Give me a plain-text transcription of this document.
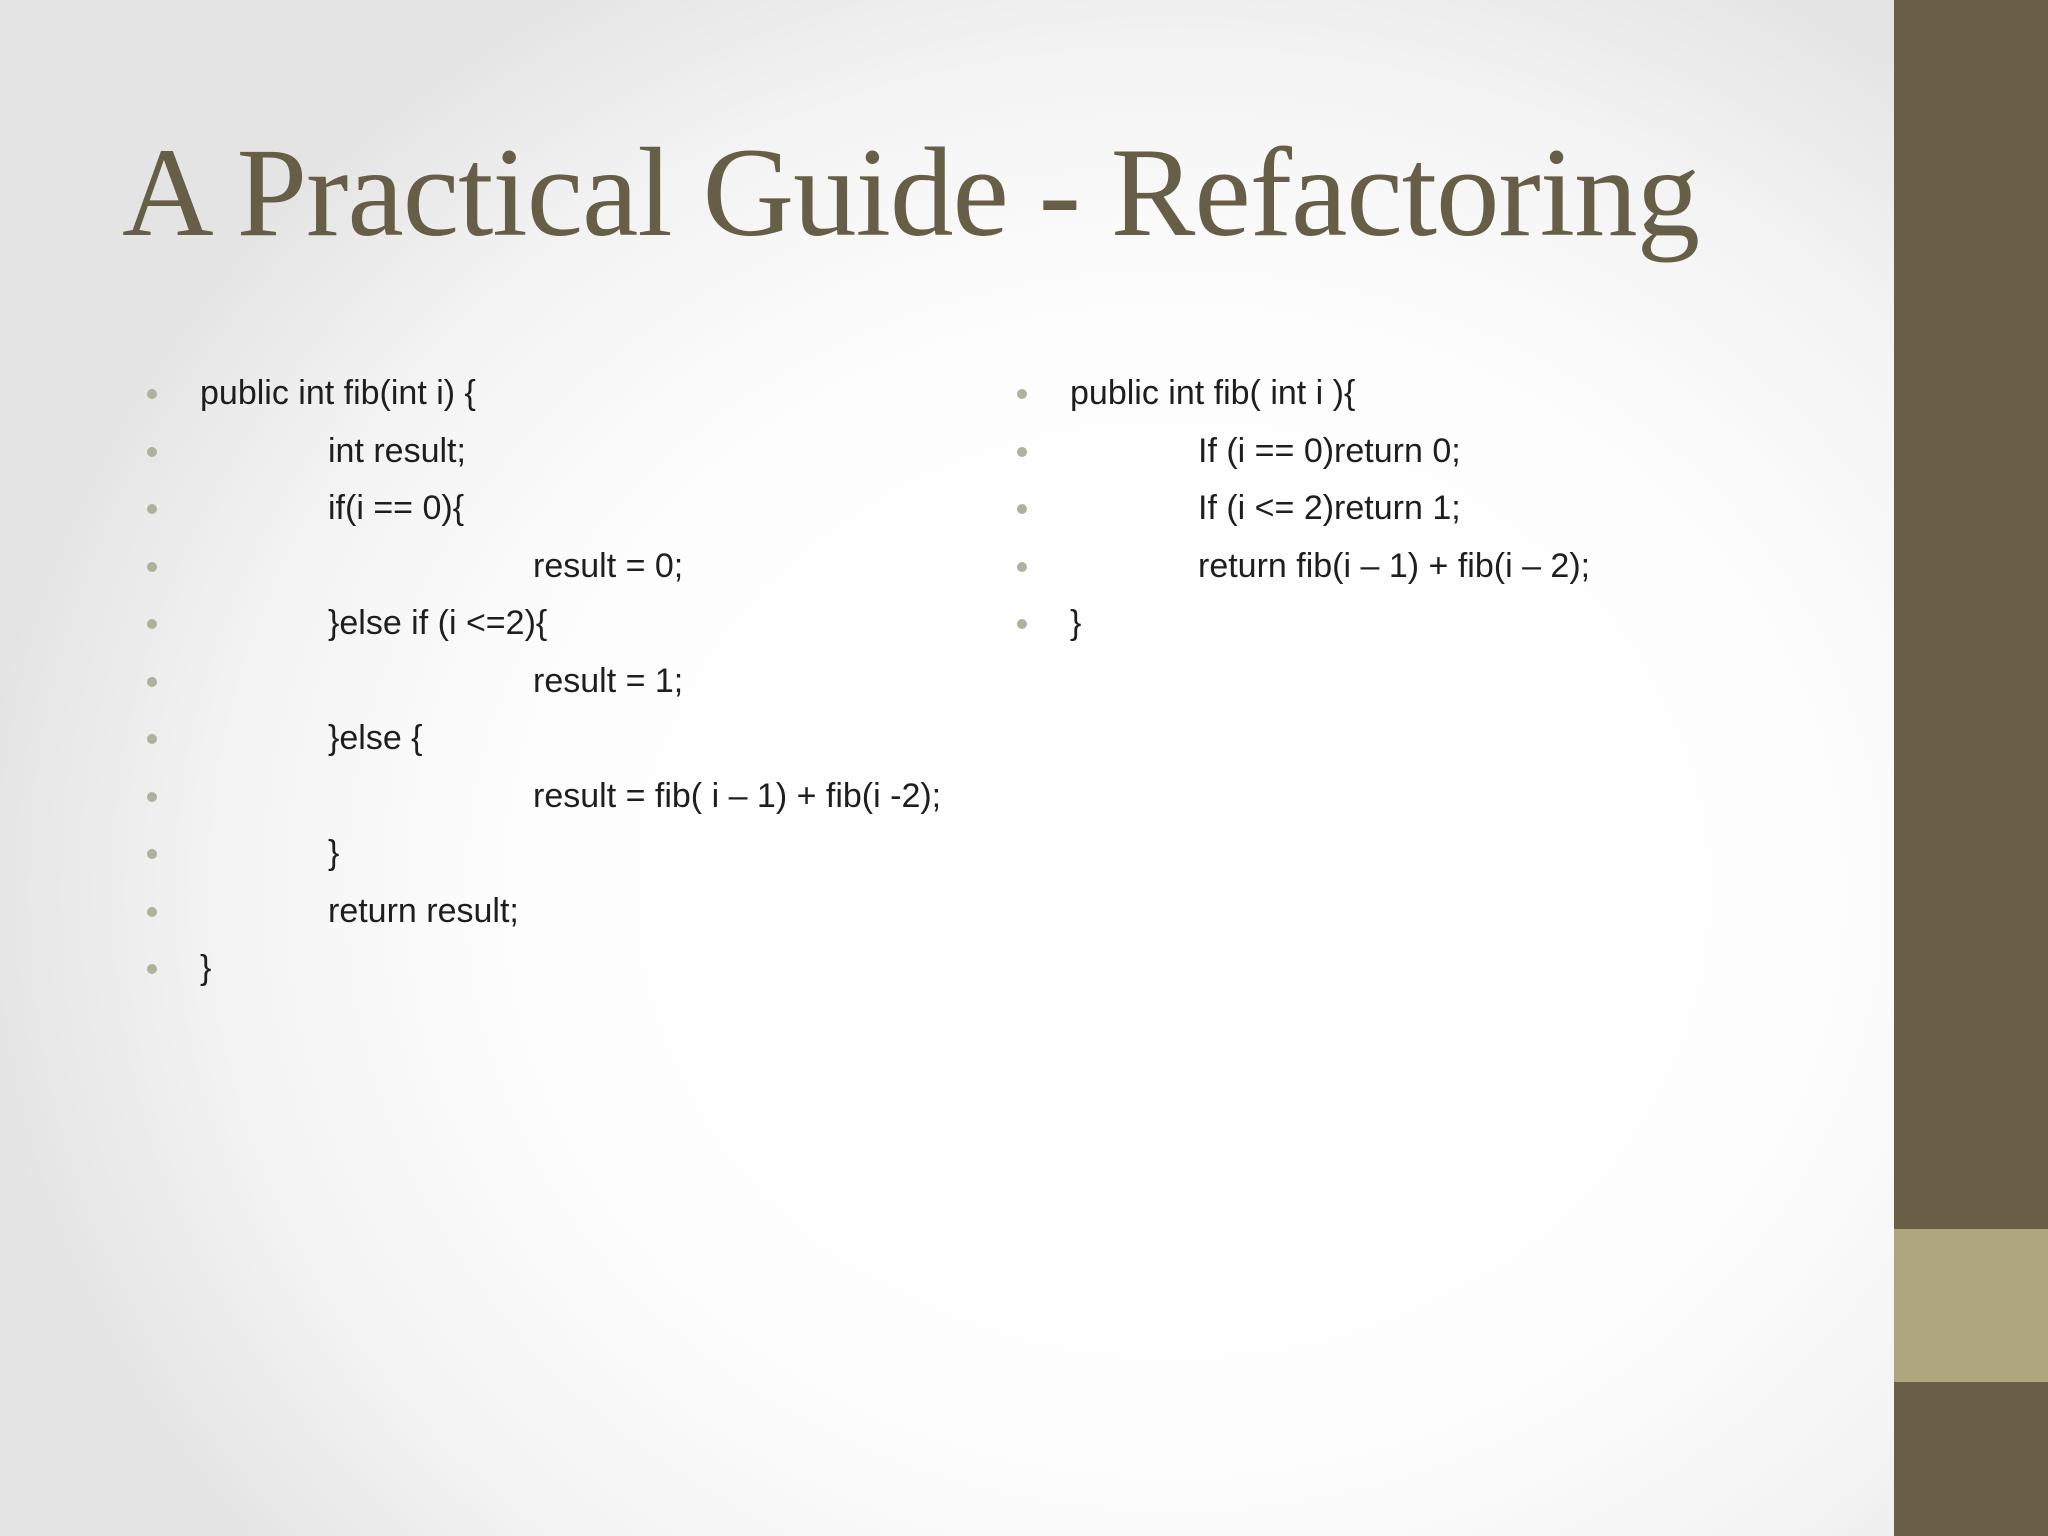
A Practical Guide - Refactoring
public int fib(int i) {
int result;
if(i == 0){
result = 0;
}else if (i <=2){
result = 1;
}else {
result = fib( i – 1) + fib(i -2);
}
return result;
}
public int fib( int i ){
If (i == 0)return 0;
If (i <= 2)return 1;
return fib(i – 1) + fib(i – 2);
}
